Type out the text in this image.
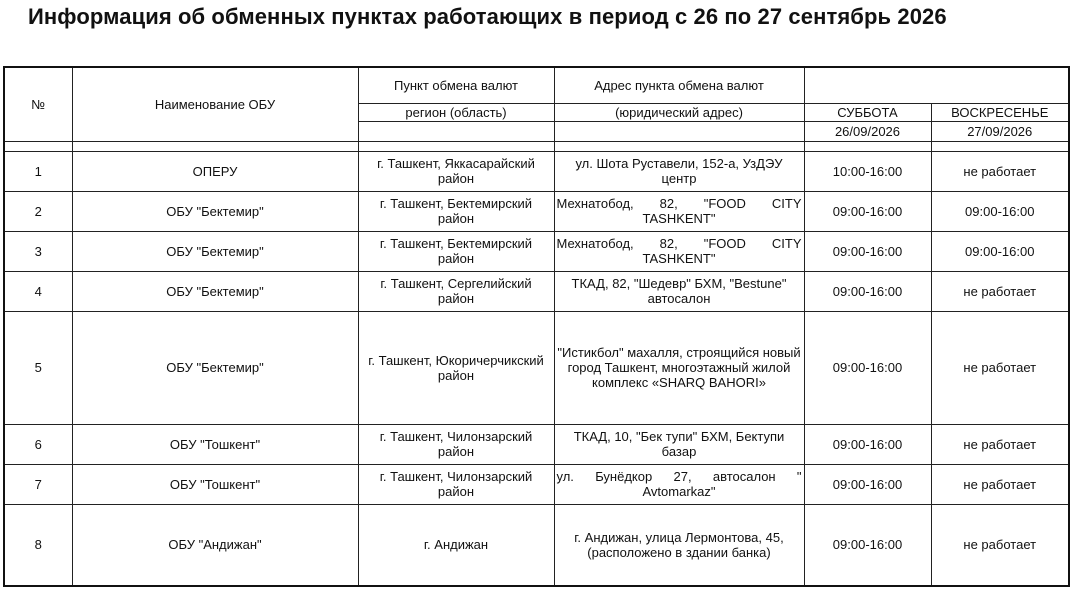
Информация об обменных пунктах работающих в период с 26 по 27 сентябрь 2026
№	Наименование ОБУ	Пункт обмена валют	Адрес пункта обмена валют		
		регион (область)	(юридический адрес)	СУББОТА	ВОСКРЕСЕНЬЕ
				26/09/2026	27/09/2026

1	ОПЕРУ	г. Ташкент, Яккасарайский район	ул. Шота Руставели, 152-а, УзДЭУ центр	10:00-16:00	не работает
2	ОБУ "Бектемир"	г. Ташкент, Бектемирский район	Мехнатобод, 82, "FOOD CITY TASHKENT"	09:00-16:00	09:00-16:00
3	ОБУ "Бектемир"	г. Ташкент, Бектемирский район	Мехнатобод, 82, "FOOD CITY TASHKENT"	09:00-16:00	09:00-16:00
4	ОБУ "Бектемир"	г. Ташкент, Сергелийский район	ТКАД, 82, "Шедевр" БХМ, "Bestune" автосалон	09:00-16:00	не работает
5	ОБУ "Бектемир"	г. Ташкент, Юкоричерчикский район	"Истикбол" махалля, строящийся новый город Ташкент, многоэтажный жилой комплекс «SHARQ BAHORI»	09:00-16:00	не работает
6	ОБУ "Тошкент"	г. Ташкент, Чилонзарский район	ТКАД, 10, "Бек тупи" БХМ, Бектупи базар	09:00-16:00	не работает
7	ОБУ "Тошкент"	г. Ташкент, Чилонзарский район	ул. Бунёдкор 27, автосалон " Avtomarkaz"	09:00-16:00	не работает
8	ОБУ "Андижан"	г. Андижан	г. Андижан, улица Лермонтова, 45, (расположено в здании банка)	09:00-16:00	не работает
